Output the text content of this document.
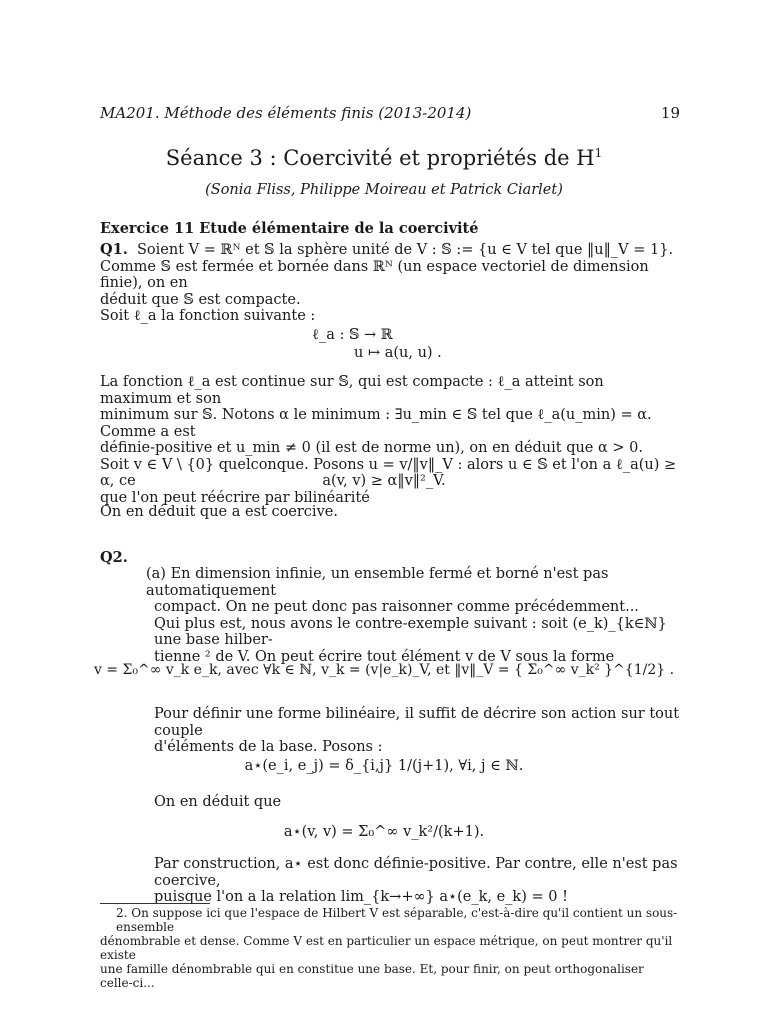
MA201. Méthode des éléments finis (2013-2014)	19
Séance 3 : Coercivité et propriétés de $H^1$
(Sonia Fliss, Philippe Moireau et Patrick Ciarlet)
Exercice 11 Etude élémentaire de la coercivité
Q1. Soient V = ℝᴺ et 𝕊 la sphère unité de V : 𝕊 := {u ∈ V tel que ‖u‖_V = 1}.
Comme 𝕊 est fermée et bornée dans ℝᴺ (un espace vectoriel de dimension finie), on en
déduit que 𝕊 est compacte.
Soit ℓ_a la fonction suivante :
ℓ_a : 𝕊 → ℝ
u ↦ a(u, u) .
La fonction ℓ_a est continue sur 𝕊, qui est compacte : ℓ_a atteint son maximum et son
minimum sur 𝕊. Notons α le minimum : ∃u_min ∈ 𝕊 tel que ℓ_a(u_min) = α. Comme a est
définie-positive et u_min ≠ 0 (il est de norme un), on en déduit que α > 0.
Soit v ∈ V \ {0} quelconque. Posons u = v/‖v‖_V : alors u ∈ 𝕊 et l'on a ℓ_a(u) ≥ α, ce
que l'on peut réécrire par bilinéarité
a(v, v) ≥ α‖v‖²_V.
On en déduit que a est coercive.
Q2.
(a) En dimension infinie, un ensemble fermé et borné n'est pas automatiquement
compact. On ne peut donc pas raisonner comme précédemment...
Qui plus est, nous avons le contre-exemple suivant : soit (e_k)_{k∈ℕ} une base hilber-
tienne ² de V. On peut écrire tout élément v de V sous la forme
v = Σ₀^∞ v_k e_k, avec ∀k ∈ ℕ, v_k = (v|e_k)_V, et ‖v‖_V = { Σ₀^∞ v_k² }^{1/2} .
Pour définir une forme bilinéaire, il suffit de décrire son action sur tout couple
d'éléments de la base. Posons :
a⋆(e_i, e_j) = δ_{i,j} 1/(j+1), ∀i, j ∈ ℕ.
On en déduit que
a⋆(v, v) = Σ₀^∞ v_k²/(k+1).
Par construction, a⋆ est donc définie-positive. Par contre, elle n'est pas coercive,
puisque l'on a la relation lim_{k→+∞} a⋆(e_k, e_k) = 0 !
2. On suppose ici que l'espace de Hilbert V est séparable, c'est-à-dire qu'il contient un sous-ensemble
dénombrable et dense. Comme V est en particulier un espace métrique, on peut montrer qu'il existe
une famille dénombrable qui en constitue une base. Et, pour finir, on peut orthogonaliser celle-ci...
